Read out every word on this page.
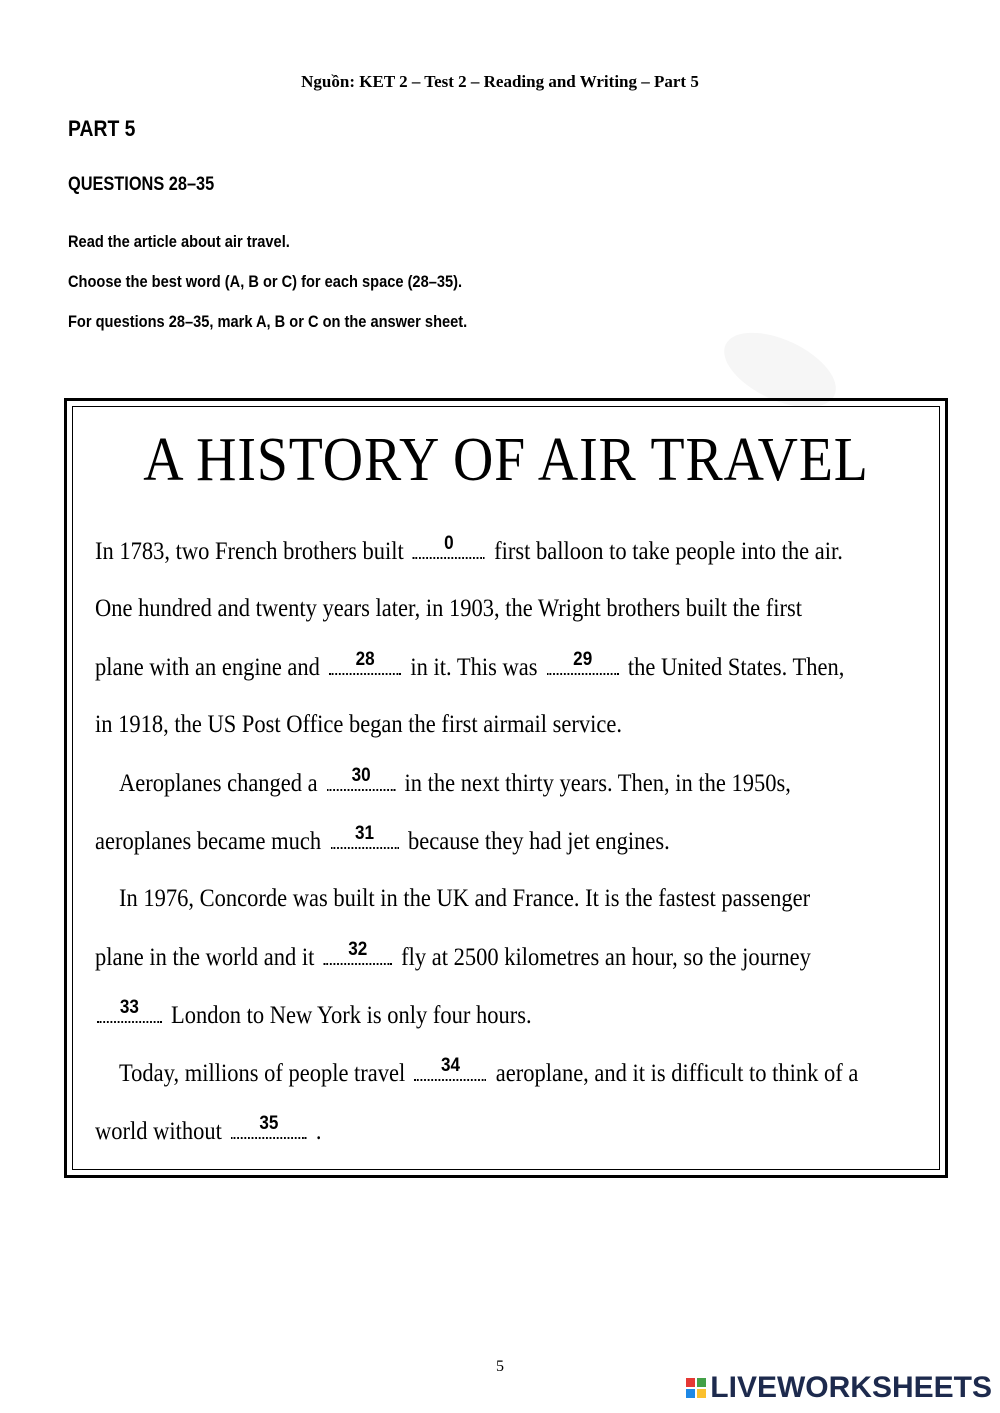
Nguồn: KET 2 – Test 2 – Reading and Writing – Part 5
PART 5
QUESTIONS 28–35
Read the article about air travel.
Choose the best word (A, B or C) for each space (28–35).
For questions 28–35, mark A, B or C on the answer sheet.
A HISTORY OF AIR TRAVEL
In 1783, two French brothers built	0	first balloon to take people into the air.
One hundred and twenty years later, in 1903, the Wright brothers built the first
plane with an engine and	28	in it. This was	29	the United States. Then,
in 1918, the US Post Office began the first airmail service.
Aeroplanes changed a	30	in the next thirty years. Then, in the 1950s,
aeroplanes became much	31	because they had jet engines.
In 1976, Concorde was built in the UK and France. It is the fastest passenger
plane in the world and it	32	fly at 2500 kilometres an hour, so the journey
33	London to New York is only four hours.
Today, millions of people travel	34	aeroplane, and it is difficult to think of a
world without	35	.
5
LIVEWORKSHEETS
